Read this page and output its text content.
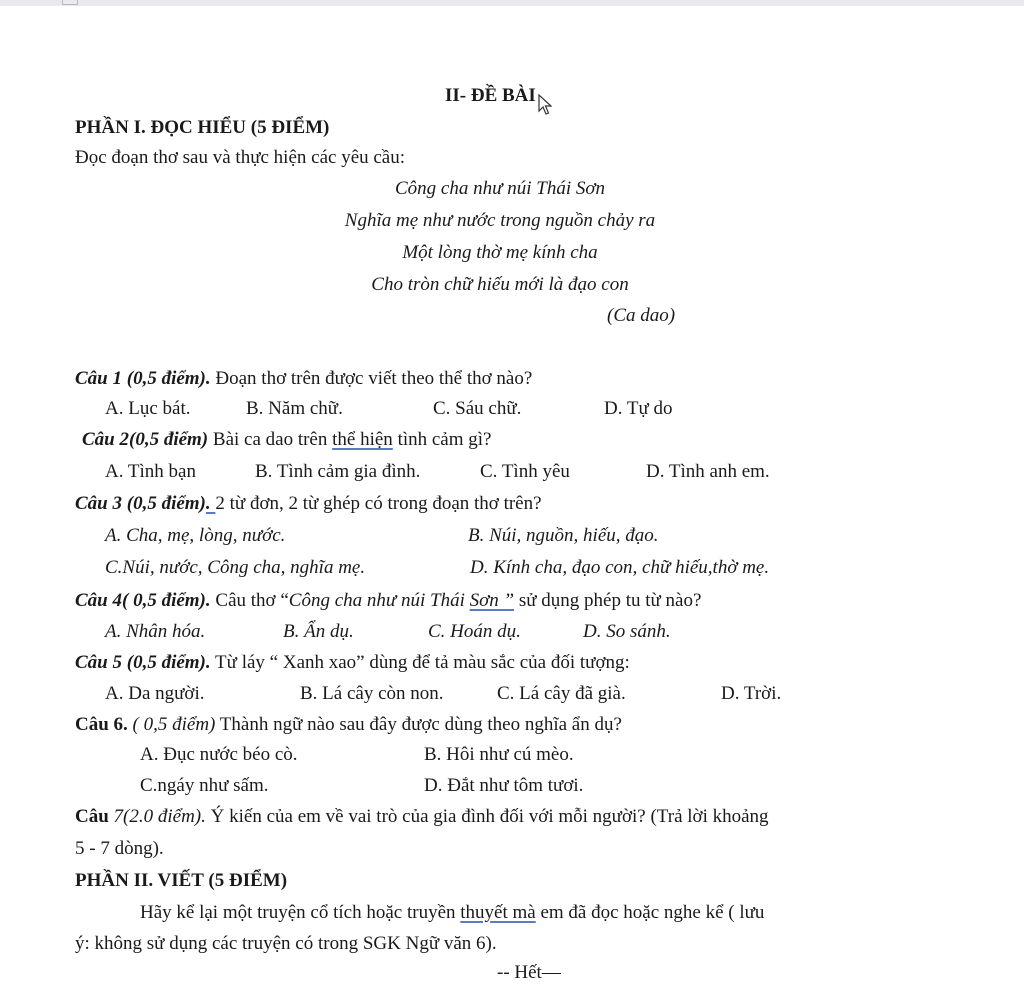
II- ĐỀ BÀI
PHẦN I. ĐỌC HIỂU (5 ĐIỂM)
Đọc đoạn thơ sau và thực hiện các yêu cầu:
Công cha như núi Thái Sơn
Nghĩa mẹ như nước trong nguồn chảy ra
Một lòng thờ mẹ kính cha
Cho tròn chữ hiếu mới là đạo con
(Ca dao)
Câu 1 (0,5 điểm). Đoạn thơ trên được viết theo thể thơ nào?
A. Lục bát.	B. Năm chữ.	C. Sáu chữ.	D. Tự do
Câu 2(0,5 điểm) Bài ca dao trên thể hiện tình cảm gì?
A. Tình bạn	B. Tình cảm gia đình.	C. Tình yêu	D. Tình anh em.
Câu 3 (0,5 điểm). 2 từ đơn, 2 từ ghép có trong đoạn thơ trên?
A. Cha, mẹ, lòng, nước.	B. Núi, nguồn, hiếu, đạo.
C.Núi, nước, Công cha, nghĩa mẹ.	D. Kính cha, đạo con, chữ hiếu,thờ mẹ.
Câu 4( 0,5 điểm). Câu thơ “Công cha như núi Thái Sơn ” sử dụng phép tu từ nào?
A. Nhân hóa.	B. Ẩn dụ.	C. Hoán dụ.	D. So sánh.
Câu 5 (0,5 điểm). Từ láy “ Xanh xao” dùng để tả màu sắc của đối tượng:
A. Da người.	B. Lá cây còn non.	C. Lá cây đã già.	D. Trời.
Câu 6. ( 0,5 điểm) Thành ngữ nào sau đây được dùng theo nghĩa ẩn dụ?
A. Đục nước béo cò.	B. Hôi như cú mèo.
C.ngáy như sấm.	D. Đắt như tôm tươi.
Câu 7(2.0 điểm). Ý kiến của em về vai trò của gia đình đối với mỗi người? (Trả lời khoảng
5 - 7 dòng).
PHẦN II. VIẾT (5 ĐIỂM)
Hãy kể lại một truyện cổ tích hoặc truyền thuyết mà em đã đọc hoặc nghe kể ( lưu
ý: không sử dụng các truyện có trong SGK Ngữ văn 6).
-- Hết—
